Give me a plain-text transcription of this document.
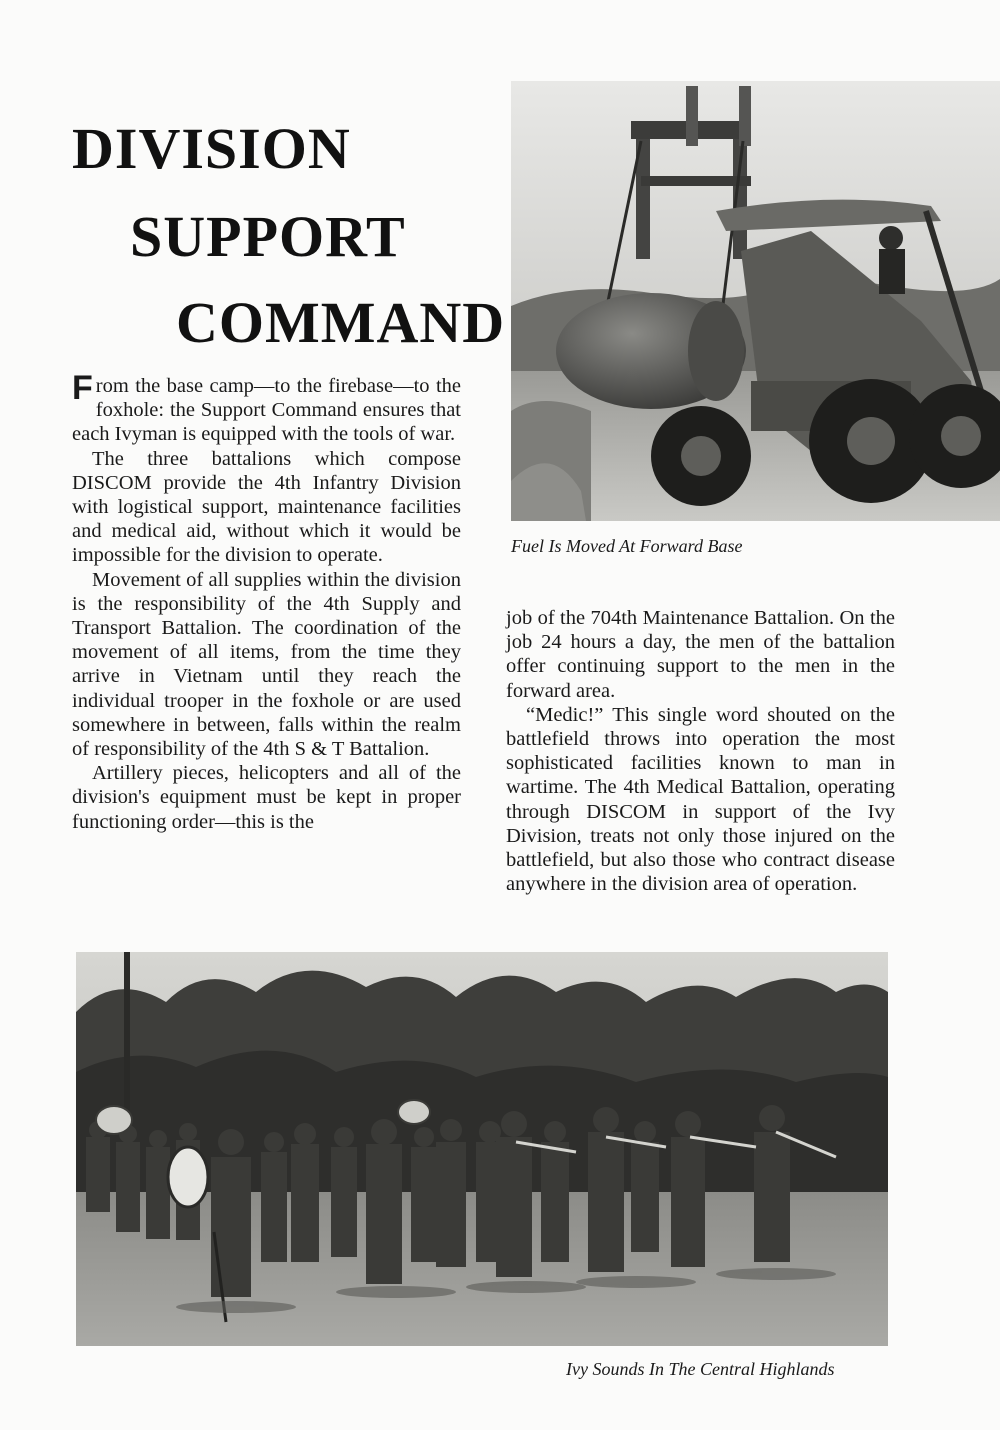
DIVISION
SUPPORT
COMMAND

From the base camp—to the firebase—to the foxhole: the Support Command ensures that each Ivyman is equipped with the tools of war.

The three battalions which compose DISCOM provide the 4th Infantry Division with logistical support, maintenance facilities and medical aid, without which it would be impossible for the division to operate.

Movement of all supplies within the division is the responsibility of the 4th Supply and Transport Battalion. The coordination of the movement of all items, from the time they arrive in Vietnam until they reach the individual trooper in the foxhole or are used somewhere in between, falls within the realm of responsibility of the 4th S & T Battalion.

Artillery pieces, helicopters and all of the division's equipment must be kept in proper functioning order—this is the

job of the 704th Maintenance Battalion. On the job 24 hours a day, the men of the battalion offer continuing support to the men in the forward area.

“Medic!” This single word shouted on the battlefield throws into operation the most sophisticated facilities known to man in wartime. The 4th Medical Battalion, operating through DISCOM in support of the Ivy Division, treats not only those injured on the battlefield, but also those who contract disease anywhere in the division area of operation.

Fuel Is Moved At Forward Base

Ivy Sounds In The Central Highlands
